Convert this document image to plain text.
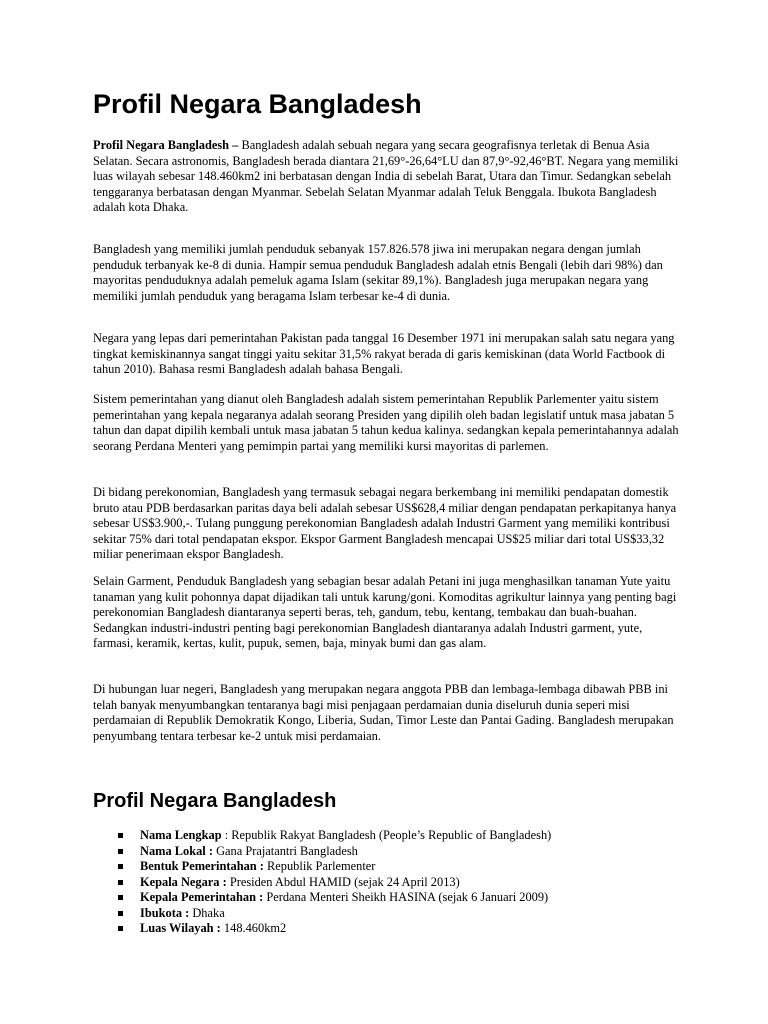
Profil Negara Bangladesh

Profil Negara Bangladesh – Bangladesh adalah sebuah negara yang secara geografisnya terletak di Benua Asia Selatan. Secara astronomis, Bangladesh berada diantara 21,69°-26,64°LU dan 87,9°-92,46°BT. Negara yang memiliki luas wilayah sebesar 148.460km2 ini berbatasan dengan India di sebelah Barat, Utara dan Timur. Sedangkan sebelah tenggaranya berbatasan dengan Myanmar. Sebelah Selatan Myanmar adalah Teluk Benggala. Ibukota Bangladesh adalah kota Dhaka.

Bangladesh yang memiliki jumlah penduduk sebanyak 157.826.578 jiwa ini merupakan negara dengan jumlah penduduk terbanyak ke-8 di dunia. Hampir semua penduduk Bangladesh adalah etnis Bengali (lebih dari 98%) dan mayoritas penduduknya adalah pemeluk agama Islam (sekitar 89,1%). Bangladesh juga merupakan negara yang memiliki jumlah penduduk yang beragama Islam terbesar ke-4 di dunia.

Negara yang lepas dari pemerintahan Pakistan pada tanggal 16 Desember 1971 ini merupakan salah satu negara yang tingkat kemiskinannya sangat tinggi yaitu sekitar 31,5% rakyat berada di garis kemiskinan (data World Factbook di tahun 2010). Bahasa resmi Bangladesh adalah bahasa Bengali.

Sistem pemerintahan yang dianut oleh Bangladesh adalah sistem pemerintahan Republik Parlementer yaitu sistem pemerintahan yang kepala negaranya adalah seorang Presiden yang dipilih oleh badan legislatif untuk masa jabatan 5 tahun dan dapat dipilih kembali untuk masa jabatan 5 tahun kedua kalinya. sedangkan kepala pemerintahannya adalah seorang Perdana Menteri yang pemimpin partai yang memiliki kursi mayoritas di parlemen.

Di bidang perekonomian, Bangladesh yang termasuk sebagai negara berkembang ini memiliki pendapatan domestik bruto atau PDB berdasarkan paritas daya beli adalah sebesar US$628,4 miliar dengan pendapatan perkapitanya hanya sebesar US$3.900,-. Tulang punggung perekonomian Bangladesh adalah Industri Garment yang memiliki kontribusi sekitar 75% dari total pendapatan ekspor. Ekspor Garment Bangladesh mencapai US$25 miliar dari total US$33,32 miliar penerimaan ekspor Bangladesh.

Selain Garment, Penduduk Bangladesh yang sebagian besar adalah Petani ini juga menghasilkan tanaman Yute yaitu tanaman yang kulit pohonnya dapat dijadikan tali untuk karung/goni. Komoditas agrikultur lainnya yang penting bagi perekonomian Bangladesh diantaranya seperti beras, teh, gandum, tebu, kentang, tembakau dan buah-buahan. Sedangkan industri-industri penting bagi perekonomian Bangladesh diantaranya adalah Industri garment, yute, farmasi, keramik, kertas, kulit, pupuk, semen, baja, minyak bumi dan gas alam.

Di hubungan luar negeri, Bangladesh yang merupakan negara anggota PBB dan lembaga-lembaga dibawah PBB ini telah banyak menyumbangkan tentaranya bagi misi penjagaan perdamaian dunia diseluruh dunia seperi misi perdamaian di Republik Demokratik Kongo, Liberia, Sudan, Timor Leste dan Pantai Gading. Bangladesh merupakan penyumbang tentara terbesar ke-2 untuk misi perdamaian.

Profil Negara Bangladesh
Nama Lengkap : Republik Rakyat Bangladesh (People’s Republic of Bangladesh)
Nama Lokal : Gana Prajatantri Bangladesh
Bentuk Pemerintahan : Republik Parlementer
Kepala Negara : Presiden Abdul HAMID (sejak 24 April 2013)
Kepala Pemerintahan : Perdana Menteri Sheikh HASINA (sejak 6 Januari 2009)
Ibukota : Dhaka
Luas Wilayah : 148.460km2
